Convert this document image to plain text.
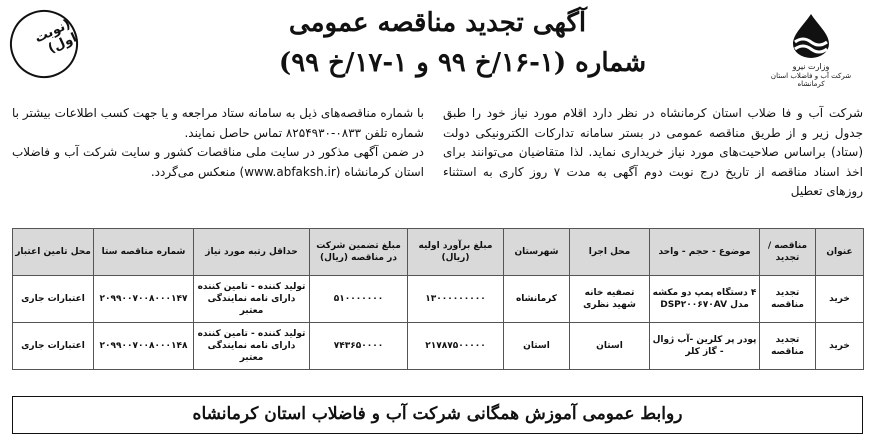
وزارت نیرو
شرکت آب و فاضلاب استان کرمانشاه
آگهی تجدید مناقصه عمومی
شماره (۱-۱۶/خ ۹۹ و ۱-۱۷/خ ۹۹)
(نوبت اول)
شرکت آب و فا ضلاب استان کرمانشاه در نظر دارد اقلام مورد نیاز خود را طبق جدول زیر و از طریق مناقصه عمومی در بستر سامانه تدارکات الکترونیکی دولت (ستاد) براساس صلاحیت‌های مورد نیاز خریداری نماید. لذا متقاضیان می‌توانند برای اخذ اسناد مناقصه از تاریخ درج نوبت دوم آگهی به مدت ۷ روز کاری به استثناء روزهای تعطیل
با شماره مناقصه‌های ذیل به سامانه ستاد مراجعه و یا جهت کسب اطلاعات بیشتر با شماره تلفن ۰۸۳۳-۸۲۵۴۹۳۰ تماس حاصل نمایند.
در ضمن آگهی مذکور در سایت ملی مناقصات کشور و سایت شرکت آب و فاضلاب استان کرمانشاه (www.abfaksh.ir) منعکس می‌گردد.
عنوان	مناقصه / تجدید	موضوع - حجم - واحد	محل اجرا	شهرستان	مبلغ برآورد اولیه (ریال)	مبلغ تضمین شرکت در مناقصه (ریال)	حداقل رتبه مورد نیاز	شماره مناقصه ستا	محل تامین اعتبار
خرید	تجدید مناقصه	۴ دستگاه پمپ دو مکشه مدل DSP۲۰۰۶۷۰AV	تصفیه خانه شهید نظری	کرمانشاه	۱۳۰۰۰۰۰۰۰۰۰	۵۱۰۰۰۰۰۰۰	تولید کننده - تامین کننده دارای نامه نمایندگی معتبر	۲۰۹۹۰۰۷۰۰۸۰۰۰۱۴۷	اعتبارات جاری
خرید	تجدید مناقصه	پودر پر کلرین -آب ژوال - گاز کلر	استان	استان	۲۱۷۸۷۵۰۰۰۰۰	۷۴۳۶۵۰۰۰۰	تولید کننده - تامین کننده دارای نامه نمایندگی معتبر	۲۰۹۹۰۰۷۰۰۸۰۰۰۱۴۸	اعتبارات جاری
روابط عمومی آموزش همگانی شرکت آب و فاضلاب استان کرمانشاه
